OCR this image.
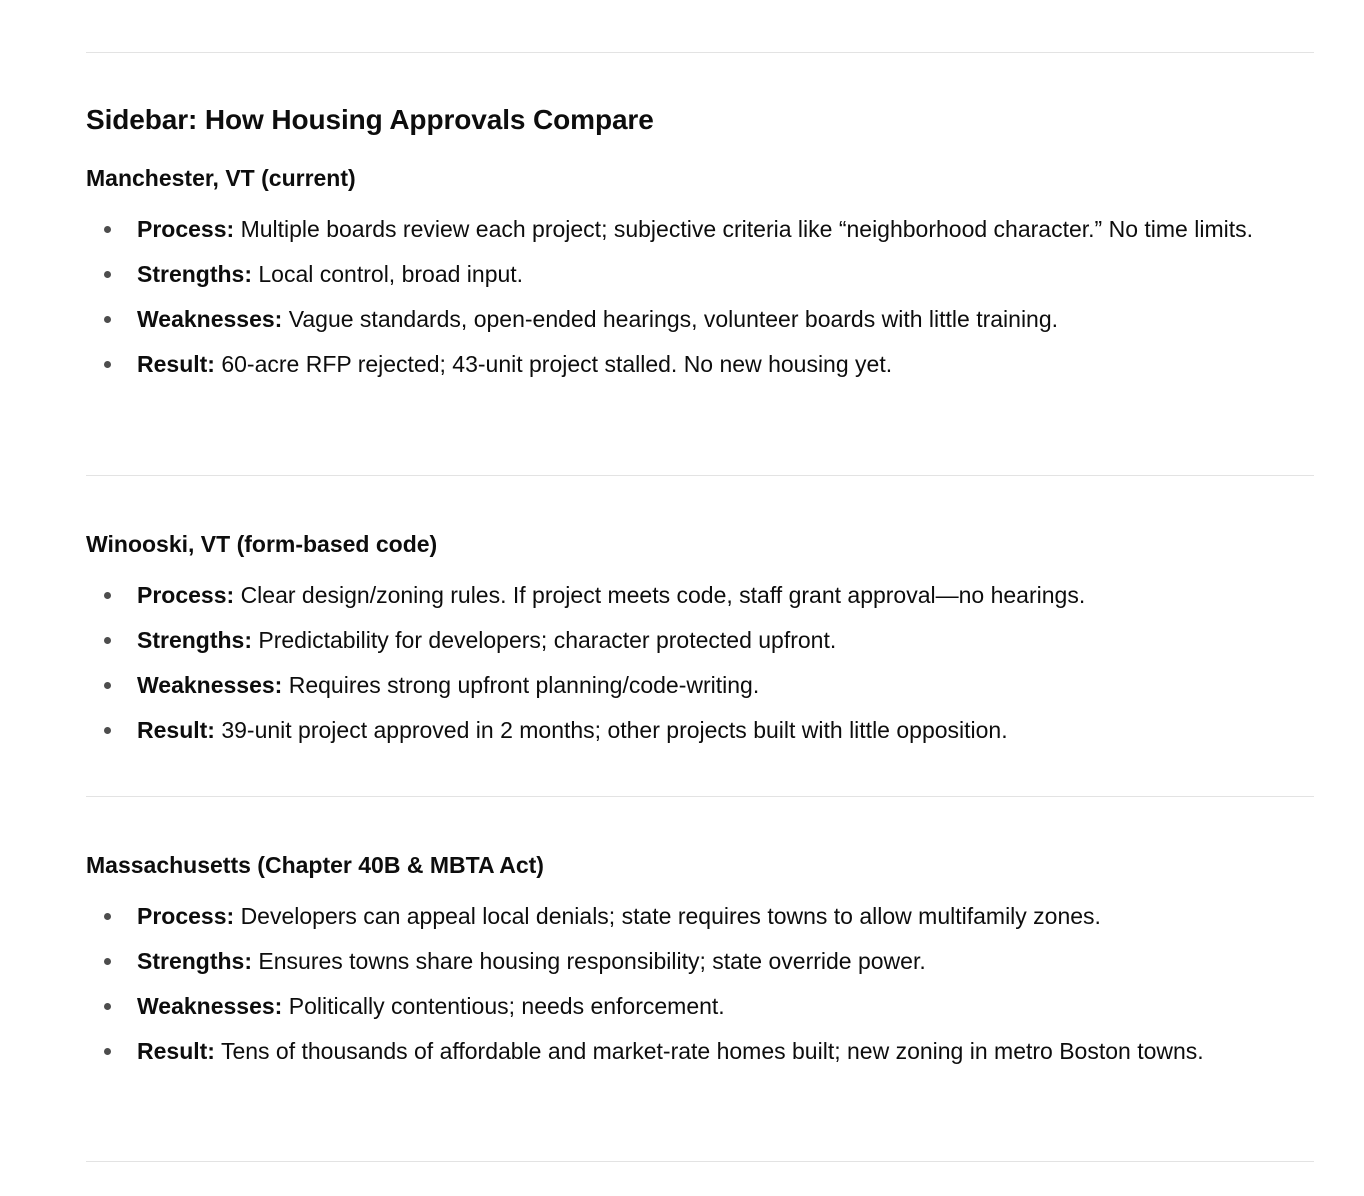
Sidebar: How Housing Approvals Compare
Manchester, VT (current)
Process: Multiple boards review each project; subjective criteria like “neighborhood character.” No time limits.
Strengths: Local control, broad input.
Weaknesses: Vague standards, open-ended hearings, volunteer boards with little training.
Result: 60-acre RFP rejected; 43-unit project stalled. No new housing yet.
Winooski, VT (form-based code)
Process: Clear design/zoning rules. If project meets code, staff grant approval—no hearings.
Strengths: Predictability for developers; character protected upfront.
Weaknesses: Requires strong upfront planning/code-writing.
Result: 39-unit project approved in 2 months; other projects built with little opposition.
Massachusetts (Chapter 40B & MBTA Act)
Process: Developers can appeal local denials; state requires towns to allow multifamily zones.
Strengths: Ensures towns share housing responsibility; state override power.
Weaknesses: Politically contentious; needs enforcement.
Result: Tens of thousands of affordable and market-rate homes built; new zoning in metro Boston towns.
